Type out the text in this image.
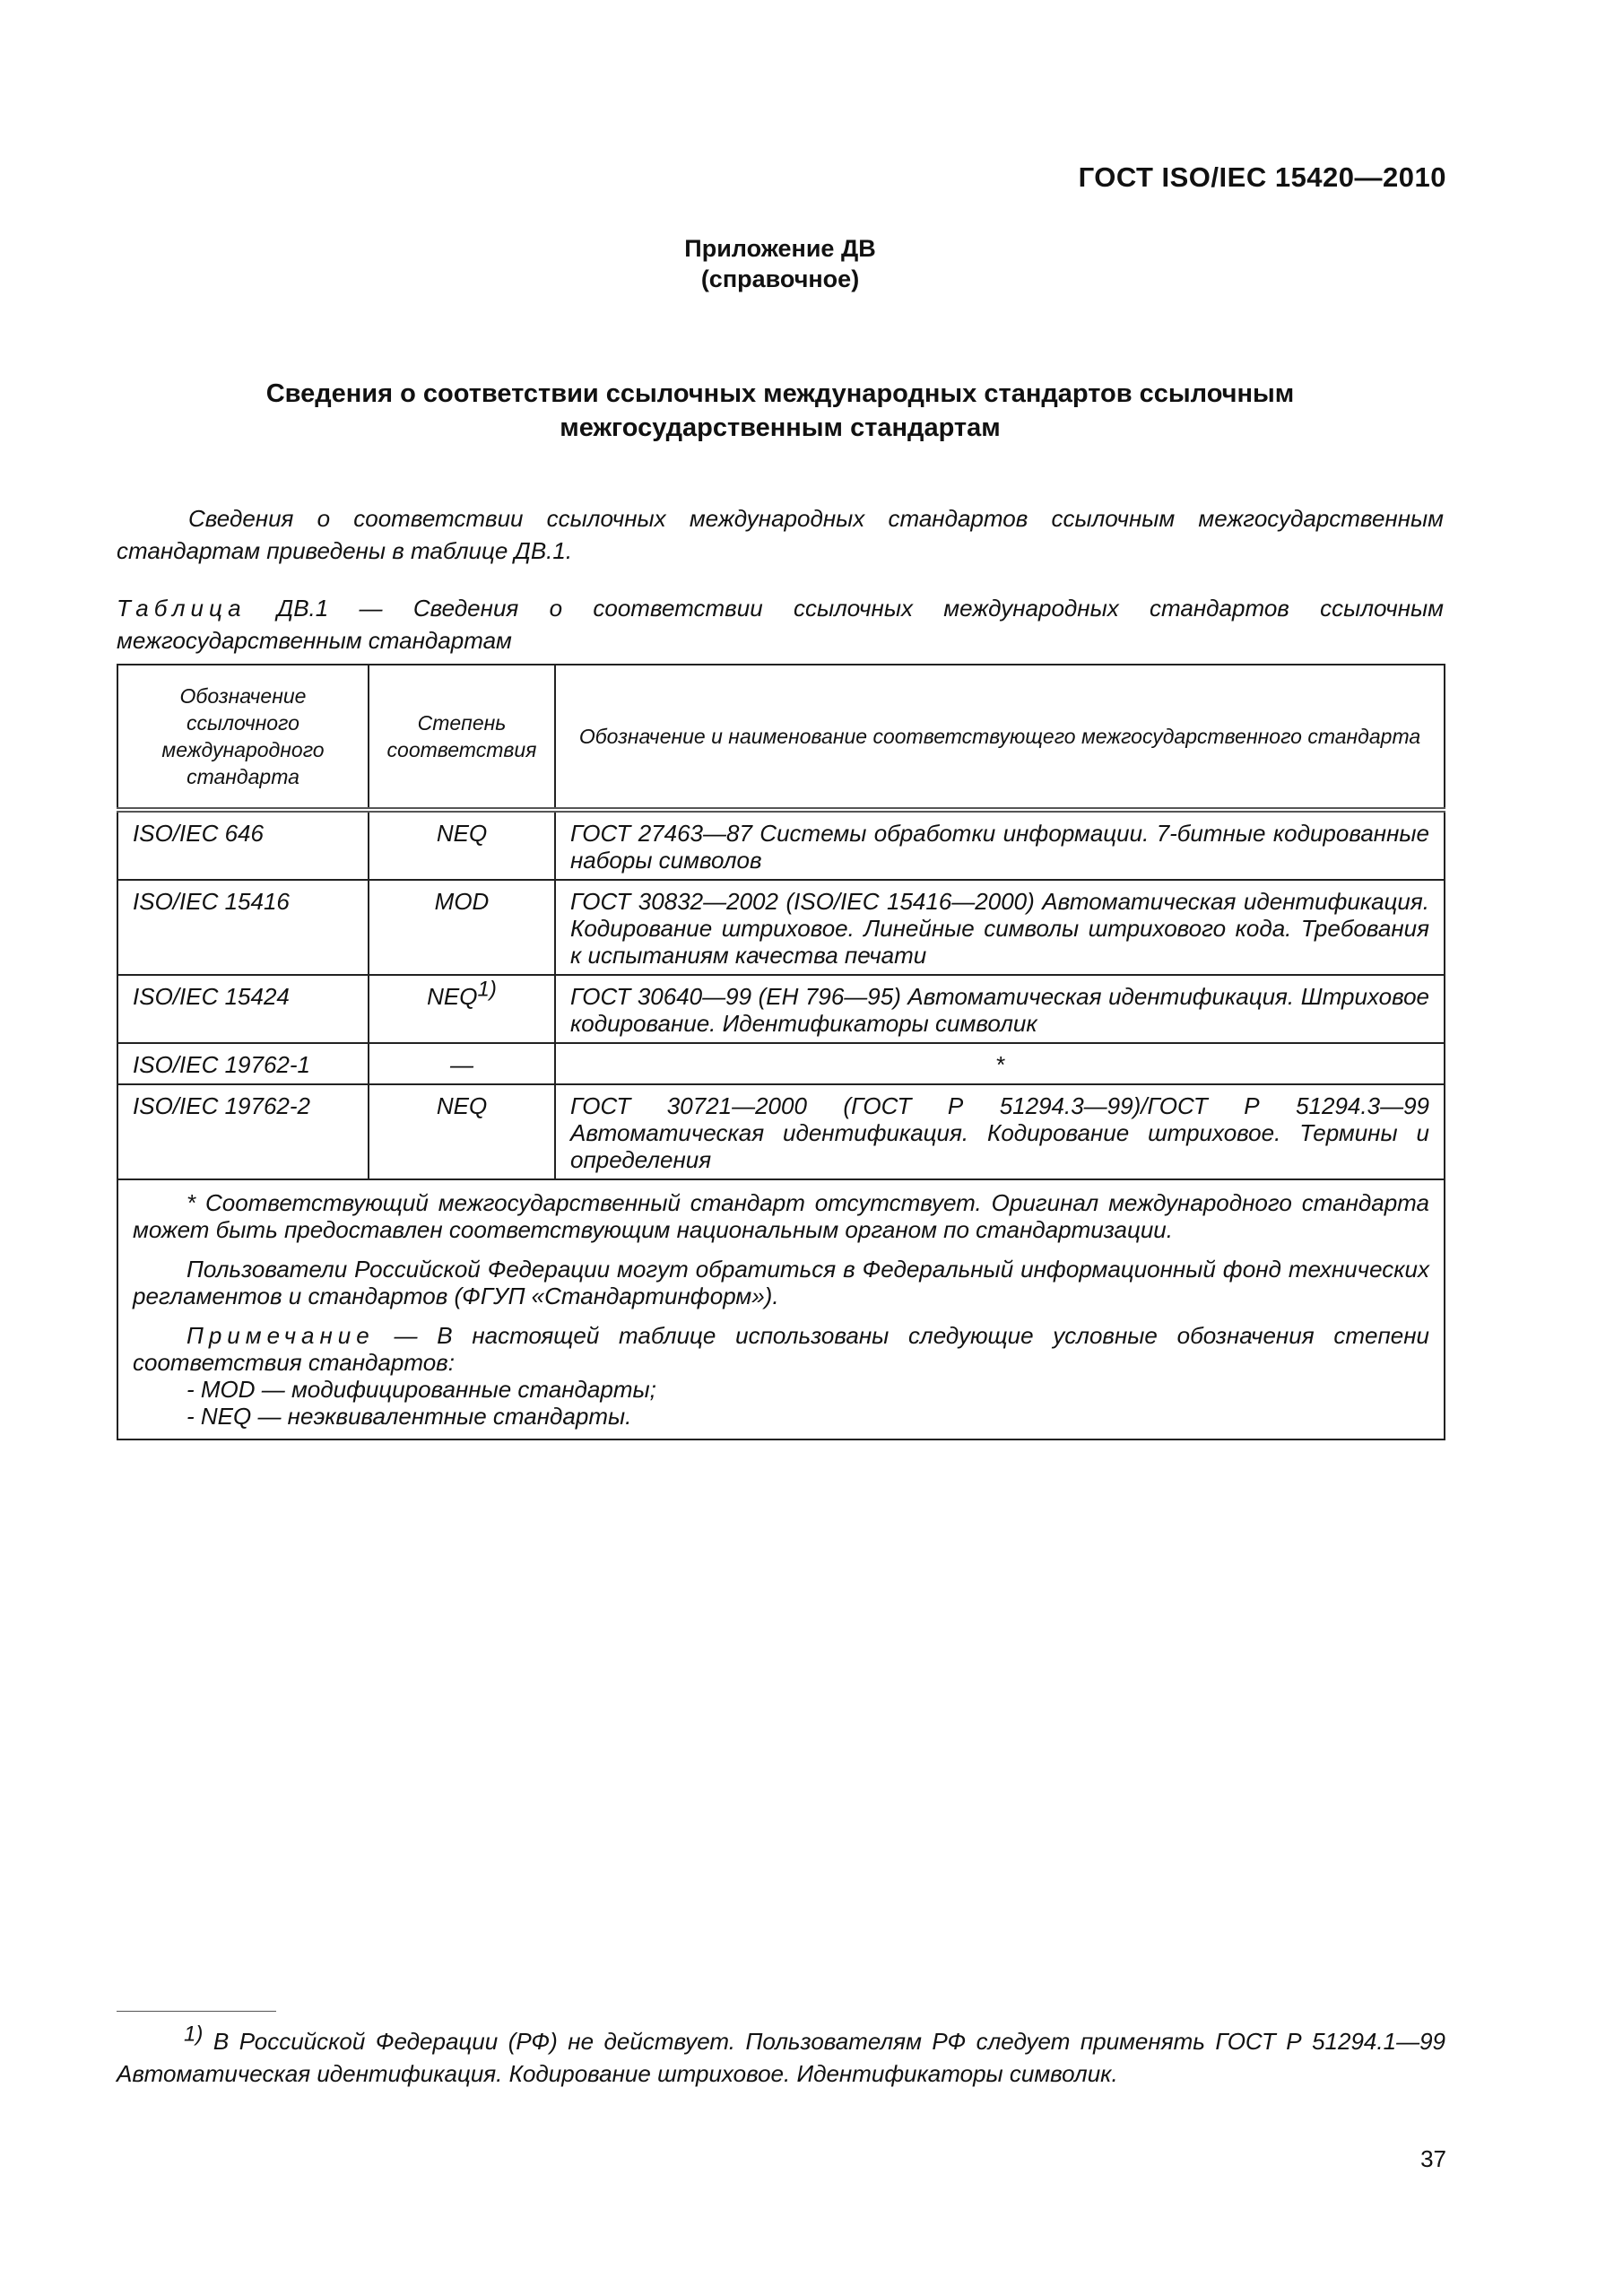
ГОСТ ISO/IEC 15420—2010
Приложение ДВ
(справочное)
Сведения о соответствии ссылочных международных стандартов ссылочным
межгосударственным стандартам
Сведения о соответствии ссылочных международных стандартов ссылочным межгосударственным стандартам приведены в таблице ДВ.1.
Таблица ДВ.1 — Сведения о соответствии ссылочных международных стандартов ссылочным межгосударственным стандартам
Обозначение ссылочного международного стандарта	Степень соответствия	Обозначение и наименование соответствующего межгосударственного стандарта
ISO/IEC 646	NEQ	ГОСТ 27463—87 Системы обработки информации. 7-битные кодированные наборы символов
ISO/IEC 15416	MOD	ГОСТ 30832—2002 (ISO/IEC 15416—2000) Автоматическая идентификация. Кодирование штриховое. Линейные символы штрихового кода. Требования к испытаниям качества печати
ISO/IEC 15424	NEQ1)	ГОСТ 30640—99 (ЕН 796—95) Автоматическая идентификация. Штриховое кодирование. Идентификаторы символик
ISO/IEC 19762-1	—	*
ISO/IEC 19762-2	NEQ	ГОСТ 30721—2000 (ГОСТ Р 51294.3—99)/ГОСТ Р 51294.3—99 Автоматическая идентификация. Кодирование штриховое. Термины и определения

* Соответствующий межгосударственный стандарт отсутствует. Оригинал международного стандарта может быть предоставлен соответствующим национальным органом по стандартизации.

Пользователи Российской Федерации могут обратиться в Федеральный информационный фонд технических регламентов и стандартов (ФГУП «Стандартинформ»).

Примечание — В настоящей таблице использованы следующие условные обозначения степени соответствия стандартов:

- MOD — модифицированные стандарты;

- NEQ — неэквивалентные стандарты.		

1) В Российской Федерации (РФ) не действует. Пользователям РФ следует применять ГОСТ Р 51294.1—99 Автоматическая идентификация. Кодирование штриховое. Идентификаторы символик.
37
